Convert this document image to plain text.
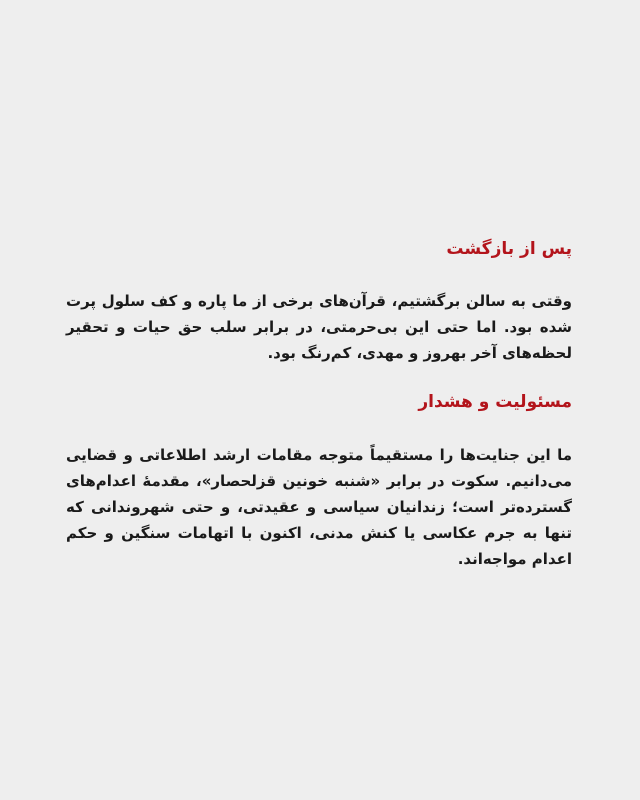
پس از بازگشت

وقتی به سالن برگشتیم، قرآن‌های برخی از ما پاره و کف سلول پرت شده بود. اما حتی این بی‌حرمتی، در برابر سلب حق حیات و تحقیر لحظه‌های آخر بهروز و مهدی، کم‌رنگ بود.

مسئولیت و هشدار

ما این جنایت‌ها را مستقیماً متوجه مقامات ارشد اطلاعاتی و قضایی می‌دانیم. سکوت در برابر «شنبه خونین قزلحصار»، مقدمهٔ اعدام‌های گسترده‌تر است؛ زندانیان سیاسی و عقیدتی، و حتی شهروندانی که تنها به جرم عکاسی یا کنش مدنی، اکنون با اتهامات سنگین و حکم اعدام مواجه‌اند.
